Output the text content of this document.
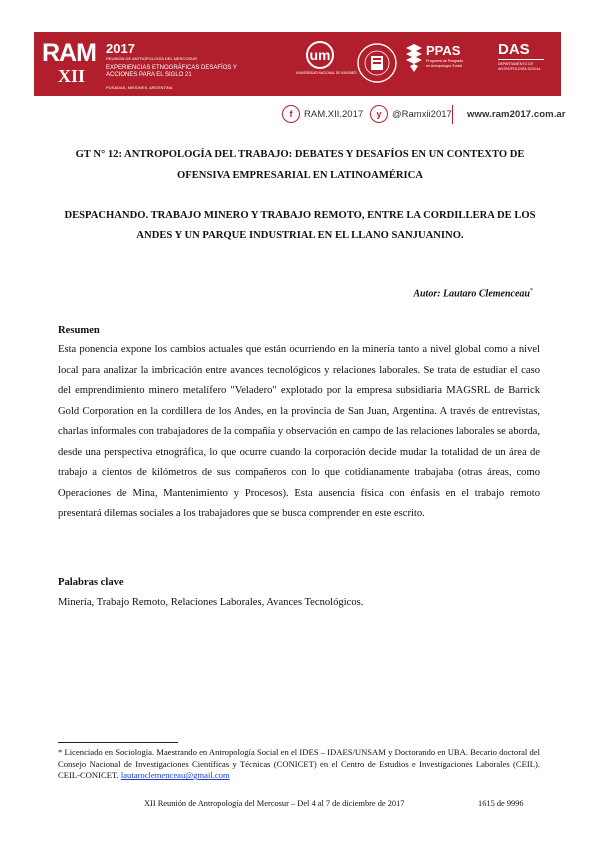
RAM
XII
2017
REUNIÓN DE ANTROPOLOGÍA DEL MERCOSUR
EXPERIENCIAS ETNOGRÁFICAS DESAFÍOS Y ACCIONES PARA EL SIGLO 21
POSADAS, MISIONES, ARGENTINA
um
UNIVERSIDAD NACIONAL DE MISIONES
PPAS
Programa de Posgrado
en Antropología Social
DAS
DEPARTAMENTO DE
ANTROPOLOGÍA SOCIAL
f	RAM.XII.2017	y	@Ramxii2017 www.ram2017.com.ar
GT N° 12: ANTROPOLOGÍA DEL TRABAJO: DEBATES Y DESAFÍOS EN UN CONTEXTO DE OFENSIVA EMPRESARIAL EN LATINOAMÉRICA
DESPACHANDO. TRABAJO MINERO Y TRABAJO REMOTO, ENTRE LA CORDILLERA DE LOS ANDES Y UN PARQUE INDUSTRIAL EN EL LLANO SANJUANINO.
Autor: Lautaro Clemenceau*
Resumen
Esta ponencia expone los cambios actuales que están ocurriendo en la minería tanto a nivel global como a nivel local para analizar la imbricación entre avances tecnológicos y relaciones laborales. Se trata de estudiar el caso del emprendimiento minero metalífero "Veladero" explotado por la empresa subsidiaria MAGSRL de Barrick Gold Corporation en la cordillera de los Andes, en la provincia de San Juan, Argentina. A través de entrevistas, charlas informales con trabajadores de la compañía y observación en campo de las relaciones laborales se aborda, desde una perspectiva etnográfica, lo que ocurre cuando la corporación decide mudar la totalidad de un área de trabajo a cientos de kilómetros de sus compañeros con lo que cotidianamente trabajaba (otras áreas, como Operaciones de Mina, Mantenimiento y Procesos). Esta ausencia física con énfasis en el trabajo remoto presentará dilemas sociales a los trabajadores que se busca comprender en este escrito.
Palabras clave
Minería, Trabajo Remoto, Relaciones Laborales, Avances Tecnológicos.
* Licenciado en Sociología. Maestrando en Antropología Social en el IDES – IDAES/UNSAM y Doctorando en UBA. Becario doctoral del Consejo Nacional de Investigaciones Científicas y Técnicas (CONICET) en el Centro de Estudios e Investigaciones Laborales (CEIL). CEIL-CONICET. lautaroclemenceau@gmail.com
XII Reunión de Antropología del Mercosur – Del 4 al 7 de diciembre de 2017	1615 de 9996
